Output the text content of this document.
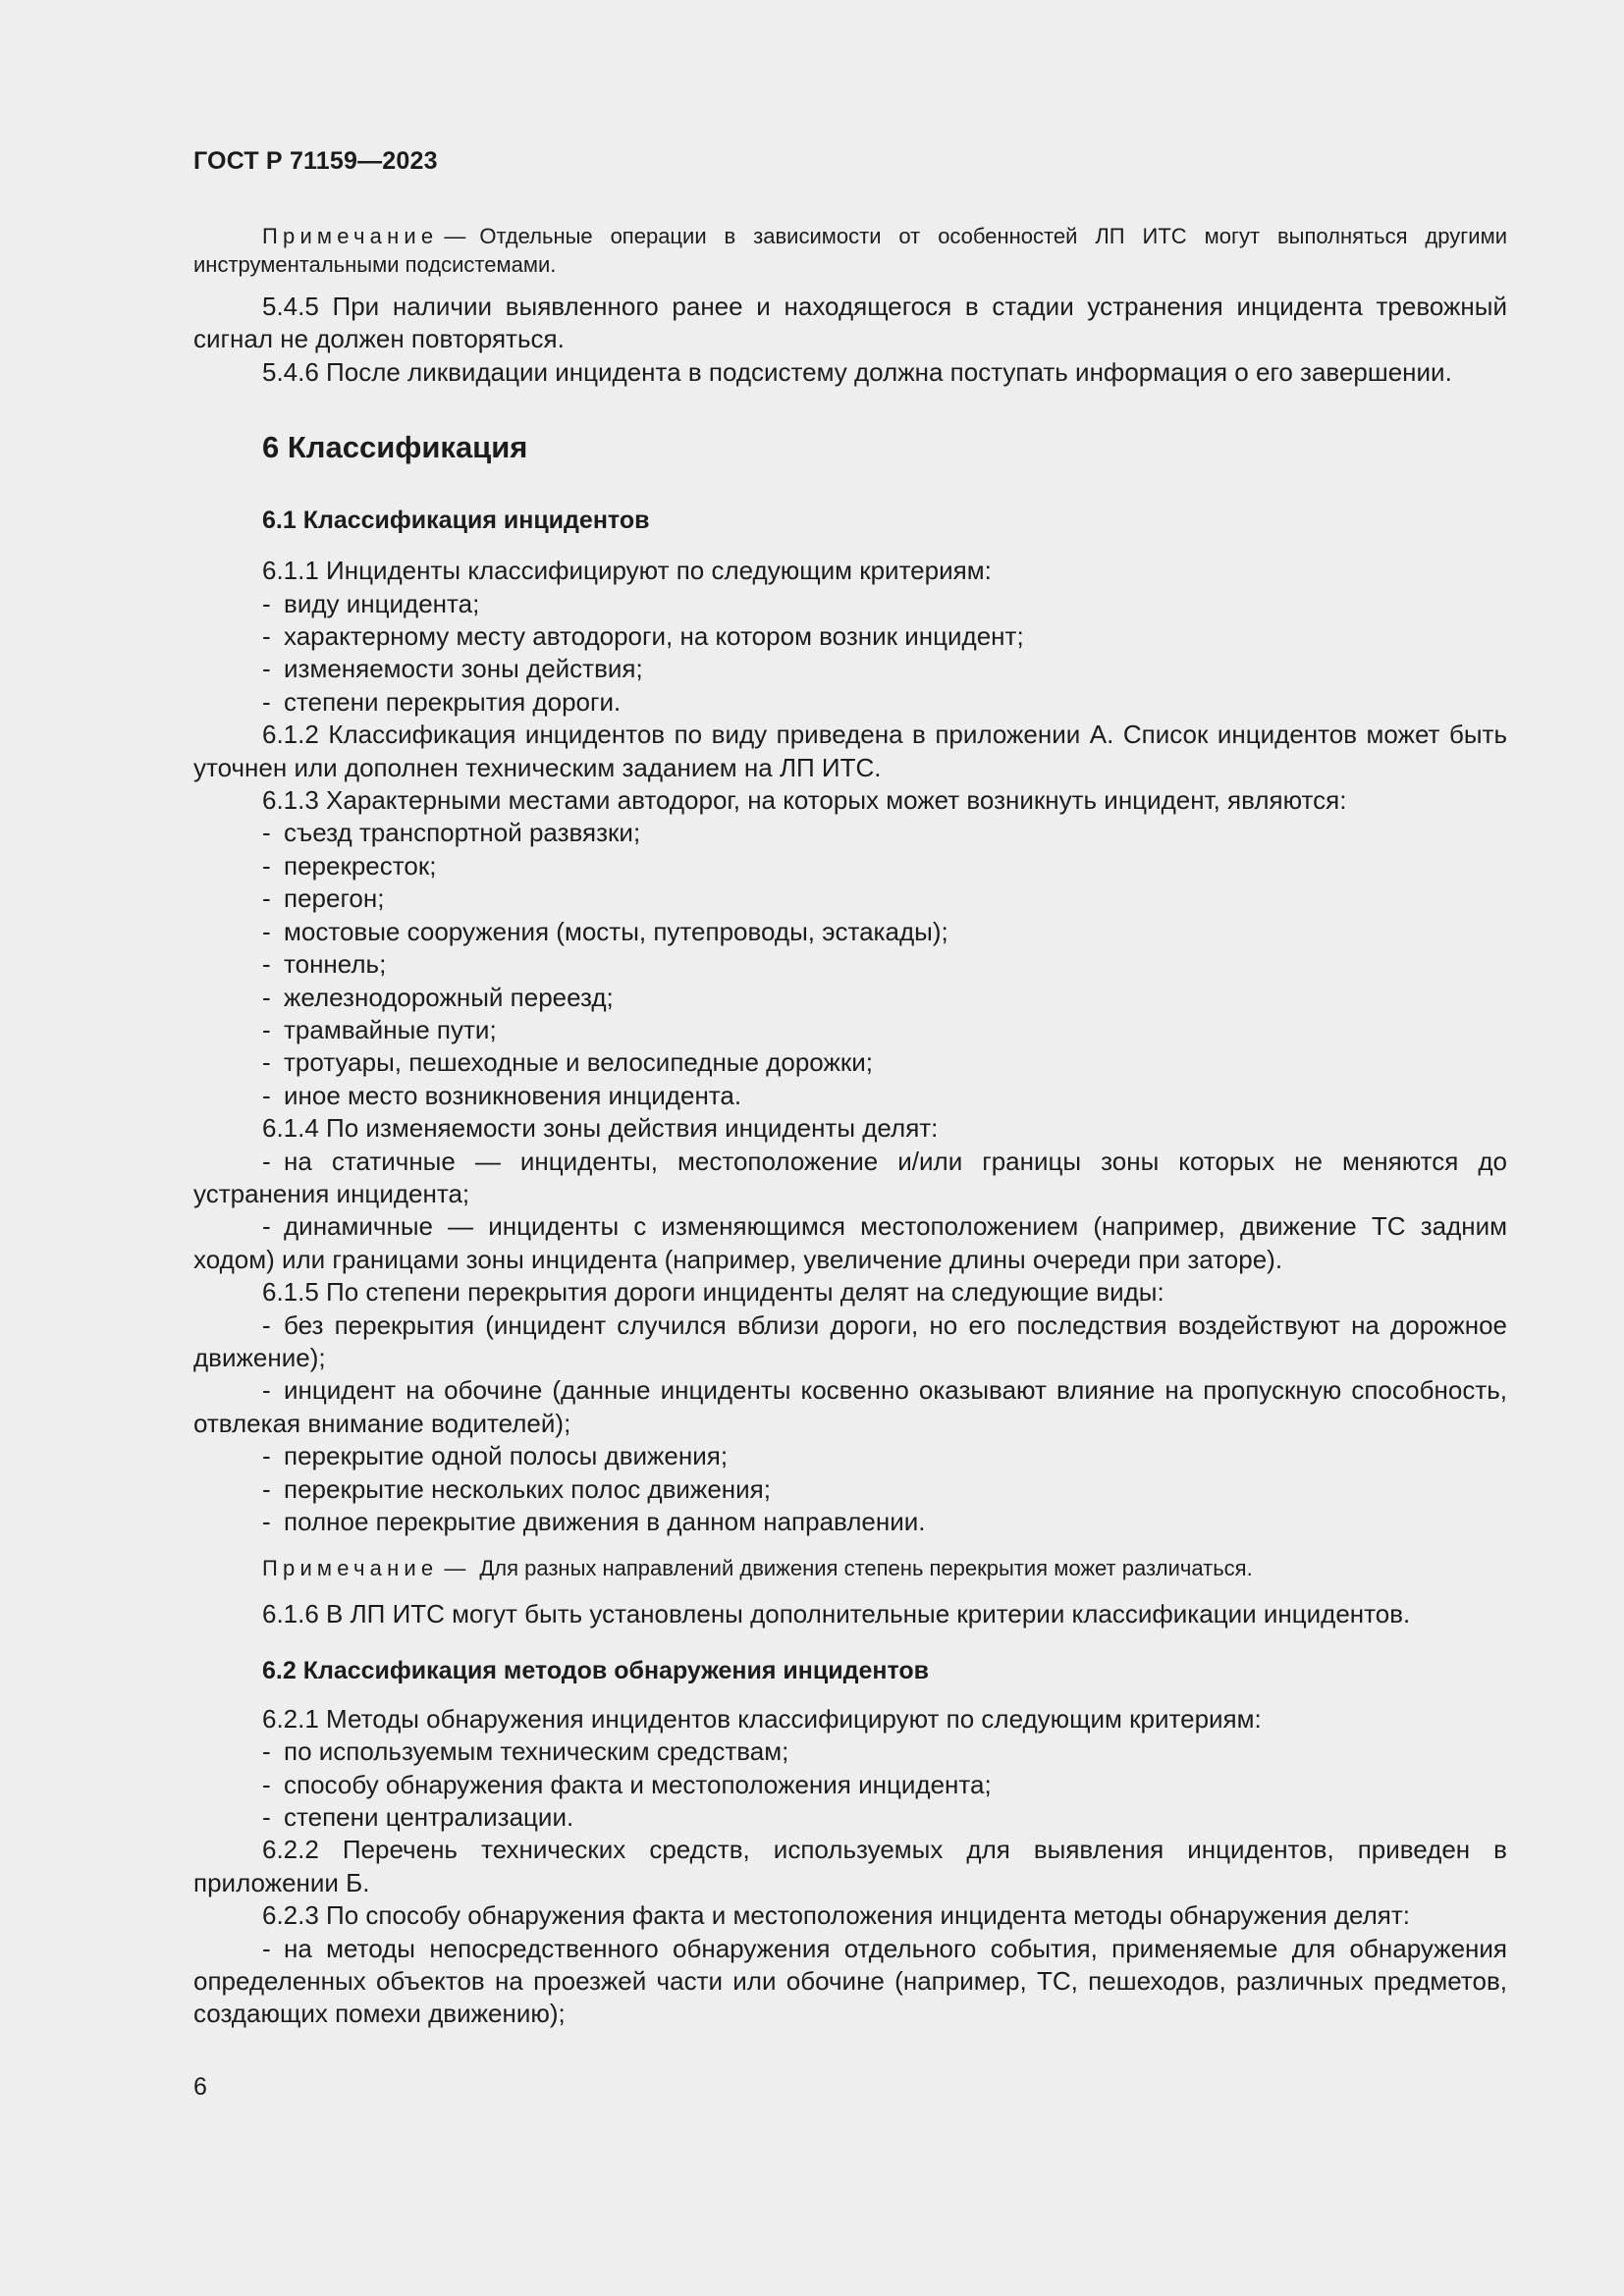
ГОСТ Р 71159—2023

Примечание — Отдельные операции в зависимости от особенностей ЛП ИТС могут выполняться другими инструментальными подсистемами.

5.4.5 При наличии выявленного ранее и находящегося в стадии устранения инцидента тревожный сигнал не должен повторяться.

5.4.6 После ликвидации инцидента в подсистему должна поступать информация о его завершении.

6 Классификация
6.1 Классификация инцидентов

6.1.1 Инциденты классифицируют по следующим критериям:

- виду инцидента;

- характерному месту автодороги, на котором возник инцидент;

- изменяемости зоны действия;

- степени перекрытия дороги.

6.1.2 Классификация инцидентов по виду приведена в приложении А. Список инцидентов может быть уточнен или дополнен техническим заданием на ЛП ИТС.

6.1.3 Характерными местами автодорог, на которых может возникнуть инцидент, являются:

- съезд транспортной развязки;

- перекресток;

- перегон;

- мостовые сооружения (мосты, путепроводы, эстакады);

- тоннель;

- железнодорожный переезд;

- трамвайные пути;

- тротуары, пешеходные и велосипедные дорожки;

- иное место возникновения инцидента.

6.1.4 По изменяемости зоны действия инциденты делят:

- на статичные — инциденты, местоположение и/или границы зоны которых не меняются до устранения инцидента;

- динамичные — инциденты с изменяющимся местоположением (например, движение ТС задним ходом) или границами зоны инцидента (например, увеличение длины очереди при заторе).

6.1.5 По степени перекрытия дороги инциденты делят на следующие виды:

- без перекрытия (инцидент случился вблизи дороги, но его последствия воздействуют на дорожное движение);

- инцидент на обочине (данные инциденты косвенно оказывают влияние на пропускную способность, отвлекая внимание водителей);

- перекрытие одной полосы движения;

- перекрытие нескольких полос движения;

- полное перекрытие движения в данном направлении.

Примечание — Для разных направлений движения степень перекрытия может различаться.

6.1.6 В ЛП ИТС могут быть установлены дополнительные критерии классификации инцидентов.

6.2 Классификация методов обнаружения инцидентов

6.2.1 Методы обнаружения инцидентов классифицируют по следующим критериям:

- по используемым техническим средствам;

- способу обнаружения факта и местоположения инцидента;

- степени централизации.

6.2.2 Перечень технических средств, используемых для выявления инцидентов, приведен в приложении Б.

6.2.3 По способу обнаружения факта и местоположения инцидента методы обнаружения делят:

- на методы непосредственного обнаружения отдельного события, применяемые для обнаружения определенных объектов на проезжей части или обочине (например, ТС, пешеходов, различных предметов, создающих помехи движению);

6
